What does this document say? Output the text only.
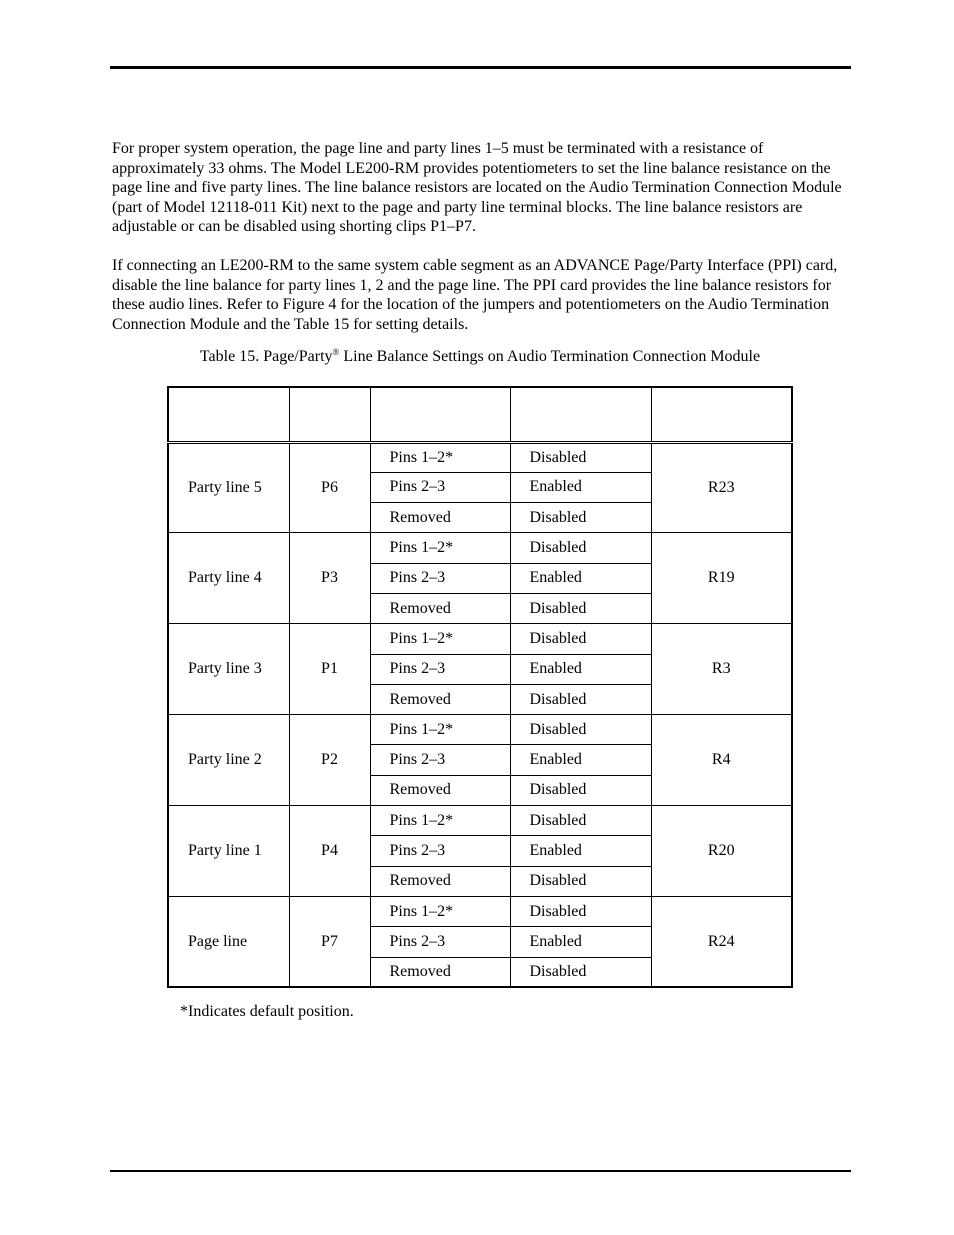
For proper system operation, the page line and party lines 1–5 must be terminated with a resistance of approximately 33 ohms. The Model LE200-RM provides potentiometers to set the line balance resistance on the page line and five party lines. The line balance resistors are located on the Audio Termination Connection Module (part of Model 12118-011 Kit) next to the page and party line terminal blocks. The line balance resistors are adjustable or can be disabled using shorting clips P1–P7.

If connecting an LE200-RM to the same system cable segment as an ADVANCE Page/Party Interface (PPI) card, disable the line balance for party lines 1, 2 and the page line. The PPI card provides the line balance resistors for these audio lines. Refer to Figure 4 for the location of the jumpers and potentiometers on the Audio Termination Connection Module and the Table 15 for setting details.

Table 15. Page/Party® Line Balance Settings on Audio Termination Connection Module

Party line 5	P6	Pins 1–2*	Disabled	R23
		Pins 2–3	Enabled	
		Removed	Disabled	
Party line 4	P3	Pins 1–2*	Disabled	R19
		Pins 2–3	Enabled	
		Removed	Disabled	
Party line 3	P1	Pins 1–2*	Disabled	R3
		Pins 2–3	Enabled	
		Removed	Disabled	
Party line 2	P2	Pins 1–2*	Disabled	R4
		Pins 2–3	Enabled	
		Removed	Disabled	
Party line 1	P4	Pins 1–2*	Disabled	R20
		Pins 2–3	Enabled	
		Removed	Disabled	
Page line	P7	Pins 1–2*	Disabled	R24
		Pins 2–3	Enabled	
		Removed	Disabled	
*Indicates default position.
